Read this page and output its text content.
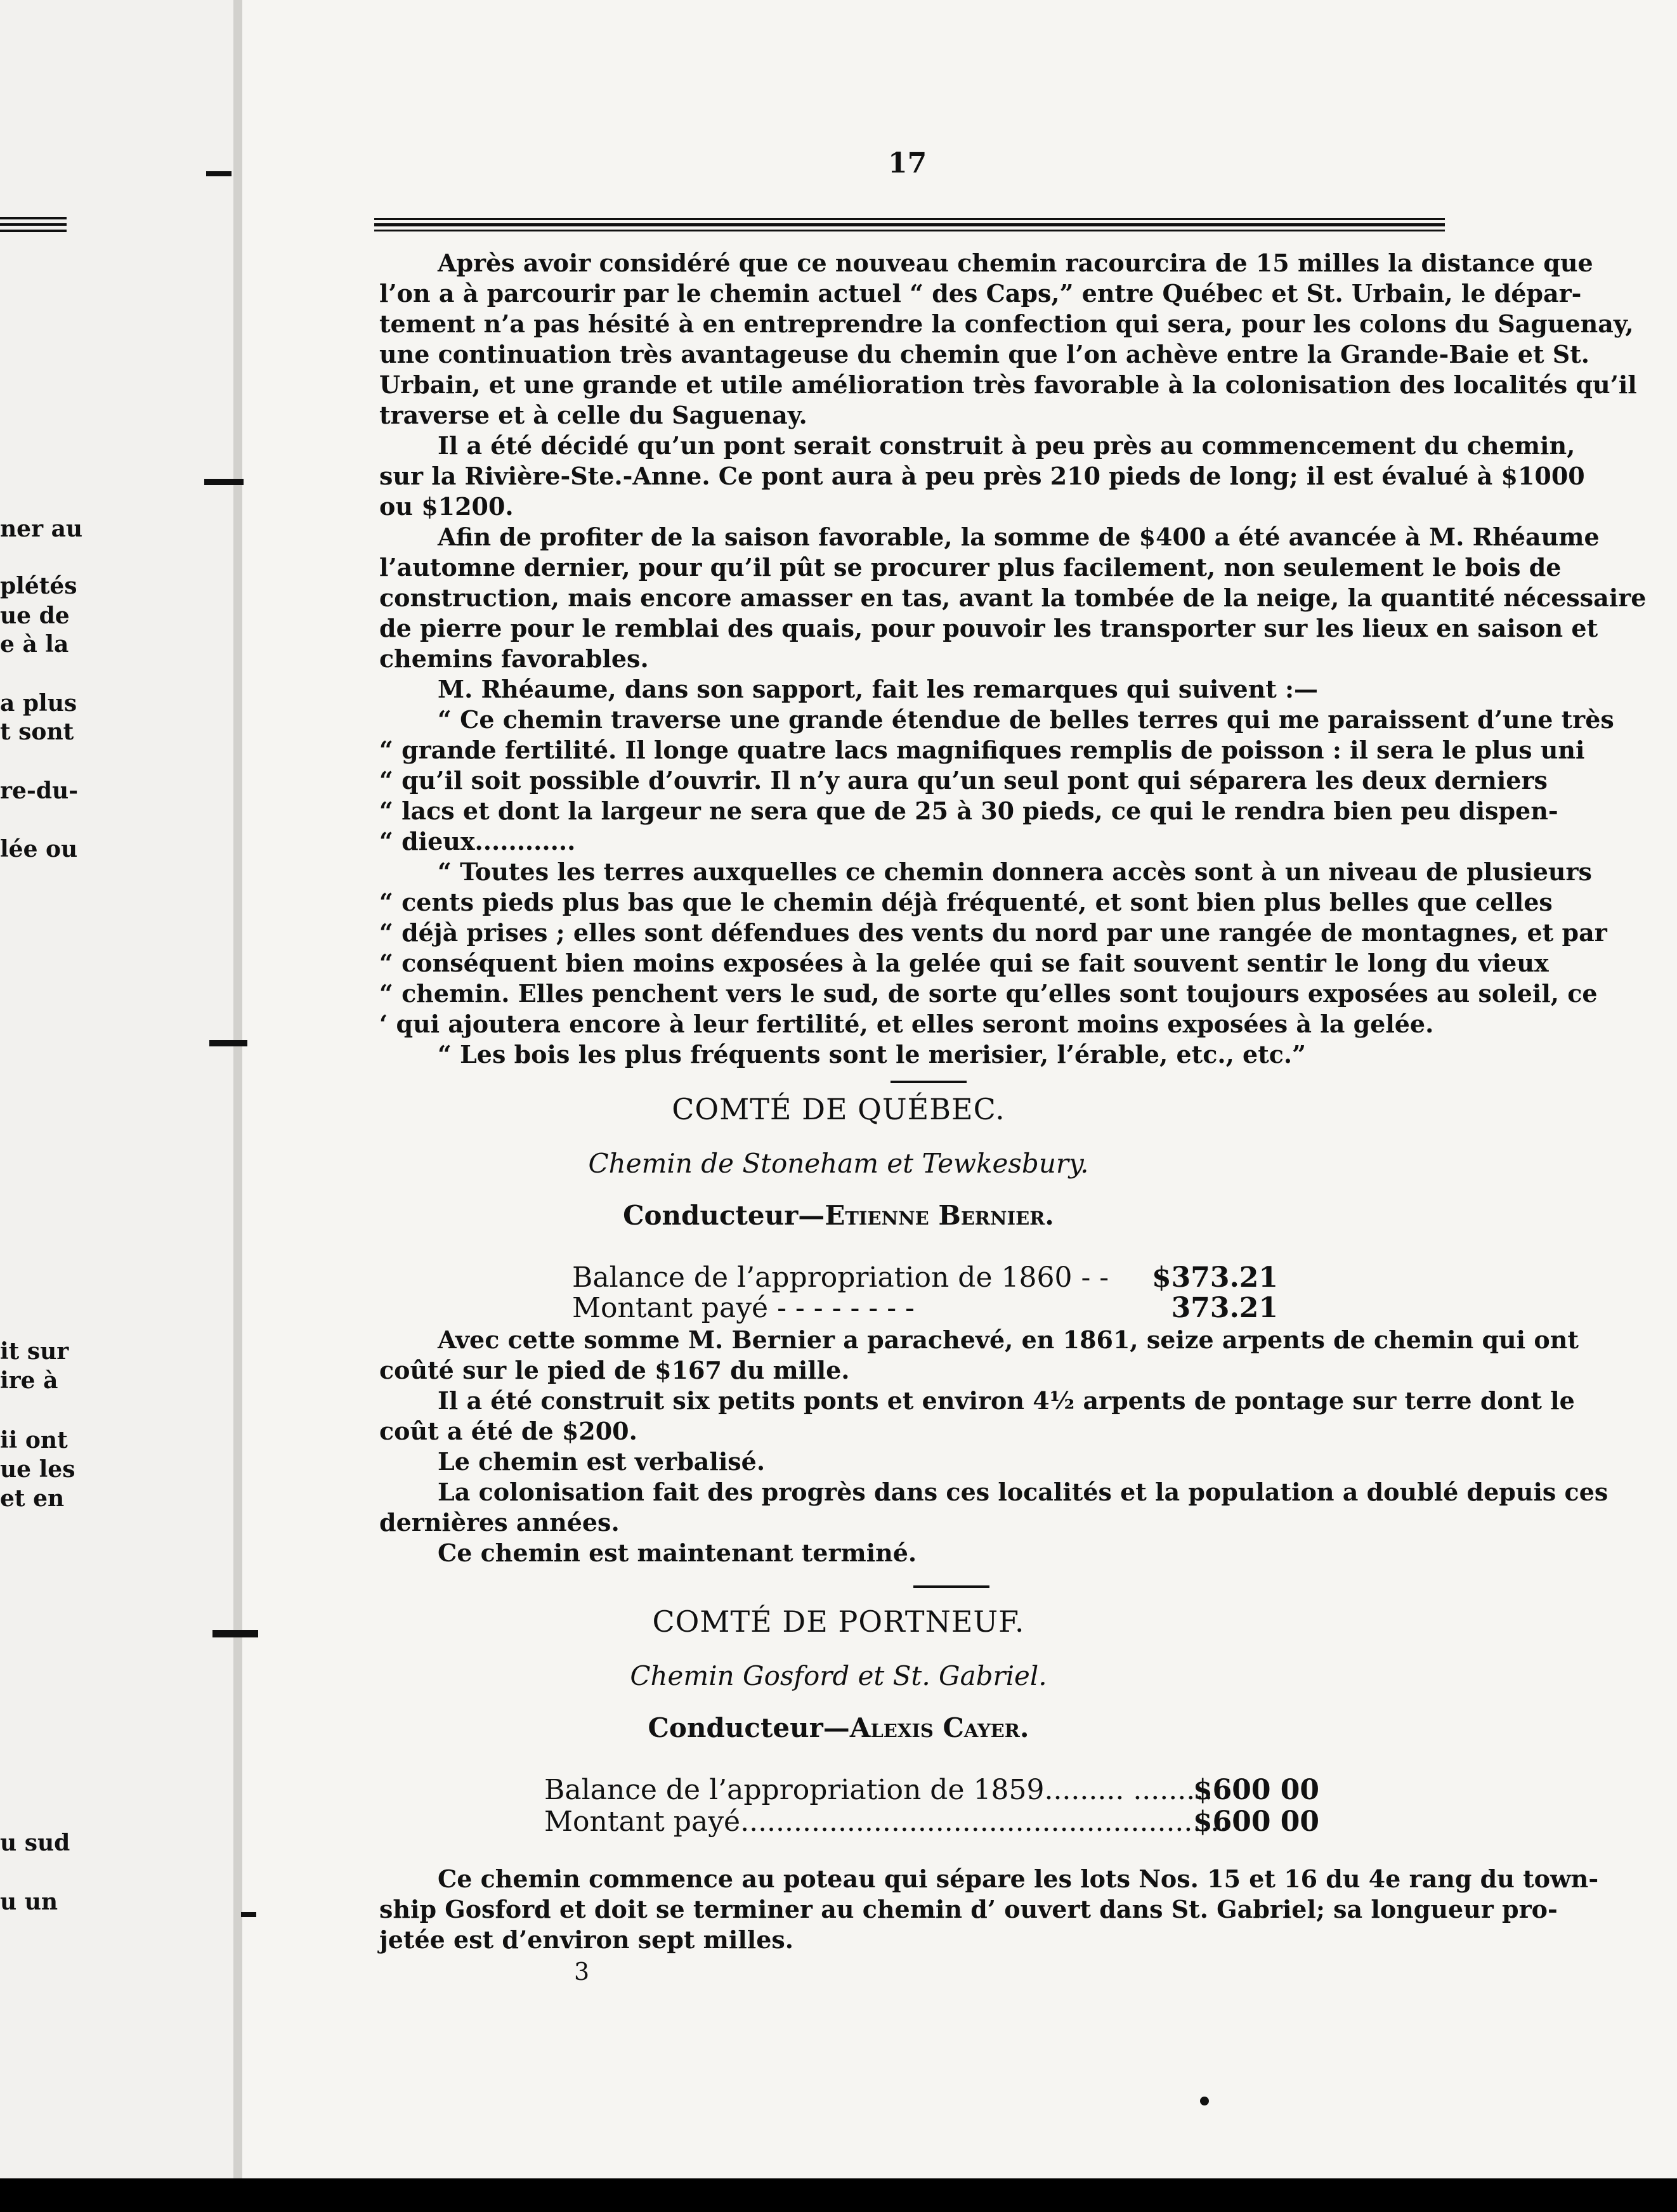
ner au
plétés
ue de
e à la
a plus
t sont
re-du-
lée ou
it sur
ire à
ii ont
ue les
et en
u sud
u un
17
Après avoir considéré que ce nouveau chemin racourcira de 15 milles la distance que
l’on a à parcourir par le chemin actuel “ des Caps,” entre Québec et St. Urbain, le dépar-
tement n’a pas hésité à en entreprendre la confection qui sera, pour les colons du Saguenay,
une continuation très avantageuse du chemin que l’on achève entre la Grande-Baie et St.
Urbain, et une grande et utile amélioration très favorable à la colonisation des localités qu’il
traverse et à celle du Saguenay.
Il a été décidé qu’un pont serait construit à peu près au commencement du chemin,
sur la Rivière-Ste.-Anne. Ce pont aura à peu près 210 pieds de long; il est évalué à $1000
ou $1200.
Afin de profiter de la saison favorable, la somme de $400 a été avancée à M. Rhéaume
l’automne dernier, pour qu’il pût se procurer plus facilement, non seulement le bois de
construction, mais encore amasser en tas, avant la tombée de la neige, la quantité nécessaire
de pierre pour le remblai des quais, pour pouvoir les transporter sur les lieux en saison et
chemins favorables.
M. Rhéaume, dans son sapport, fait les remarques qui suivent :—
“ Ce chemin traverse une grande étendue de belles terres qui me paraissent d’une très
“ grande fertilité. Il longe quatre lacs magnifiques remplis de poisson : il sera le plus uni
“ qu’il soit possible d’ouvrir. Il n’y aura qu’un seul pont qui séparera les deux derniers
“ lacs et dont la largeur ne sera que de 25 à 30 pieds, ce qui le rendra bien peu dispen-
“ dieux............
“ Toutes les terres auxquelles ce chemin donnera accès sont à un niveau de plusieurs
“ cents pieds plus bas que le chemin déjà fréquenté, et sont bien plus belles que celles
“ déjà prises ; elles sont défendues des vents du nord par une rangée de montagnes, et par
“ conséquent bien moins exposées à la gelée qui se fait souvent sentir le long du vieux
“ chemin. Elles penchent vers le sud, de sorte qu’elles sont toujours exposées au soleil, ce
‘ qui ajoutera encore à leur fertilité, et elles seront moins exposées à la gelée.
“ Les bois les plus fréquents sont le merisier, l’érable, etc., etc.”
COMTÉ DE QUÉBEC.
Chemin de Stoneham et Tewkesbury.
Conducteur—Etienne Bernier.
Balance de l’appropriation de 1860 - -	$373.21
Montant payé - - - - - - - -	373.21
Avec cette somme M. Bernier a parachevé, en 1861, seize arpents de chemin qui ont
coûté sur le pied de $167 du mille.
Il a été construit six petits ponts et environ 4½ arpents de pontage sur terre dont le
coût a été de $200.
Le chemin est verbalisé.
La colonisation fait des progrès dans ces localités et la population a doublé depuis ces
dernières années.
Ce chemin est maintenant terminé.
COMTÉ DE PORTNEUF.
Chemin Gosford et St. Gabriel.
Conducteur—Alexis Cayer.
Balance de l’appropriation de 1859......... .........
$600 00
Montant payé.......................................................
$600 00
Ce chemin commence au poteau qui sépare les lots Nos. 15 et 16 du 4e rang du town-
ship Gosford et doit se terminer au chemin d’ ouvert dans St. Gabriel; sa longueur pro-
jetée est d’environ sept milles.
3
